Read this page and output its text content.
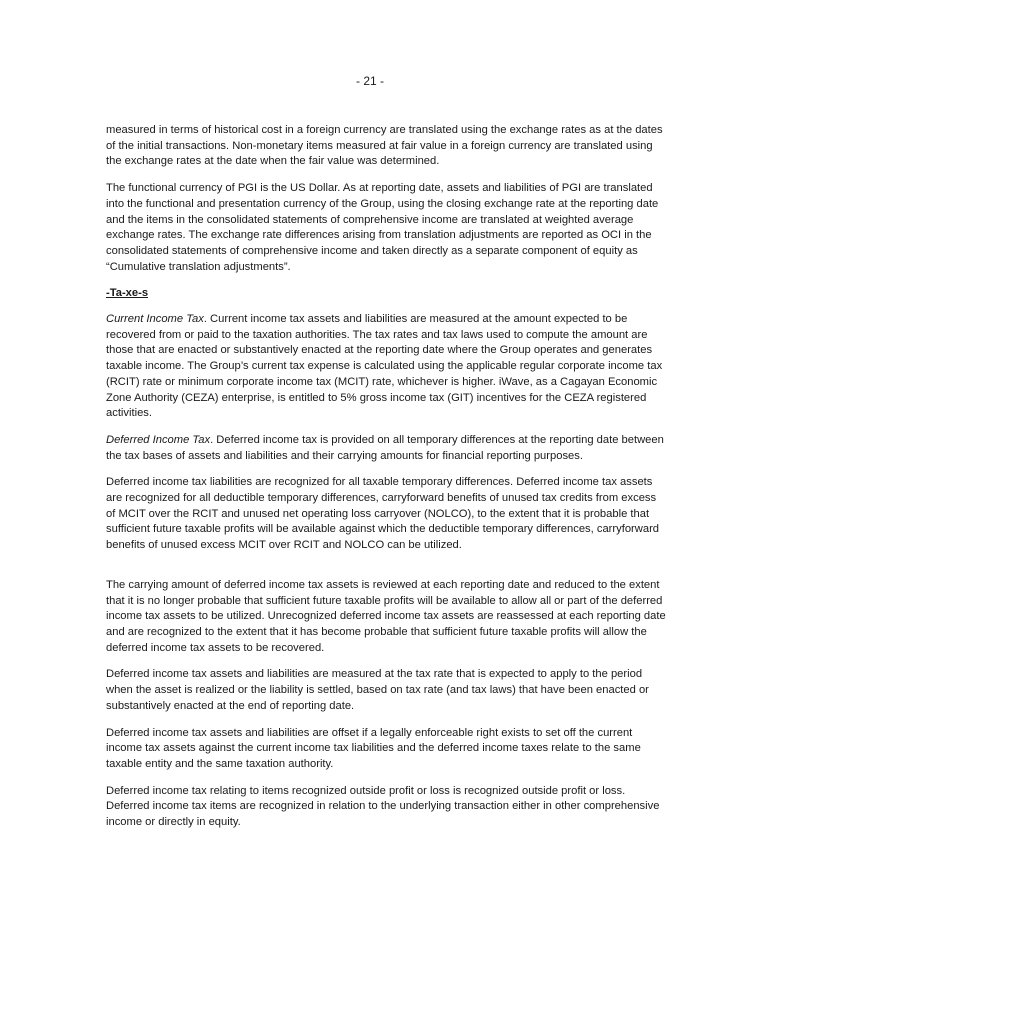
- 21 -

measured in terms of historical cost in a foreign currency are translated using the exchange rates as at the dates of the initial transactions. Non-monetary items measured at fair value in a foreign currency are translated using the exchange rates at the date when the fair value was determined.

The functional currency of PGI is the US Dollar. As at reporting date, assets and liabilities of PGI are translated into the functional and presentation currency of the Group, using the closing exchange rate at the reporting date and the items in the consolidated statements of comprehensive income are translated at weighted average exchange rates. The exchange rate differences arising from translation adjustments are reported as OCI in the consolidated statements of comprehensive income and taken directly as a separate component of equity as “Cumulative translation adjustments”.

-Ta-xe-s

Current Income Tax. Current income tax assets and liabilities are measured at the amount expected to be recovered from or paid to the taxation authorities. The tax rates and tax laws used to compute the amount are those that are enacted or substantively enacted at the reporting date where the Group operates and generates taxable income. The Group’s current tax expense is calculated using the applicable regular corporate income tax (RCIT) rate or minimum corporate income tax (MCIT) rate, whichever is higher. iWave, as a Cagayan Economic Zone Authority (CEZA) enterprise, is entitled to 5% gross income tax (GIT) incentives for the CEZA registered activities.

Deferred Income Tax. Deferred income tax is provided on all temporary differences at the reporting date between the tax bases of assets and liabilities and their carrying amounts for financial reporting purposes.

Deferred income tax liabilities are recognized for all taxable temporary differences. Deferred income tax assets are recognized for all deductible temporary differences, carryforward benefits of unused tax credits from excess of MCIT over the RCIT and unused net operating loss carryover (NOLCO), to the extent that it is probable that sufficient future taxable profits will be available against which the deductible temporary differences, carryforward benefits of unused excess MCIT over RCIT and NOLCO can be utilized.

The carrying amount of deferred income tax assets is reviewed at each reporting date and reduced to the extent that it is no longer probable that sufficient future taxable profits will be available to allow all or part of the deferred income tax assets to be utilized. Unrecognized deferred income tax assets are reassessed at each reporting date and are recognized to the extent that it has become probable that sufficient future taxable profits will allow the deferred income tax assets to be recovered.

Deferred income tax assets and liabilities are measured at the tax rate that is expected to apply to the period when the asset is realized or the liability is settled, based on tax rate (and tax laws) that have been enacted or substantively enacted at the end of reporting date.

Deferred income tax assets and liabilities are offset if a legally enforceable right exists to set off the current income tax assets against the current income tax liabilities and the deferred income taxes relate to the same taxable entity and the same taxation authority.

Deferred income tax relating to items recognized outside profit or loss is recognized outside profit or loss. Deferred income tax items are recognized in relation to the underlying transaction either in other comprehensive income or directly in equity.
